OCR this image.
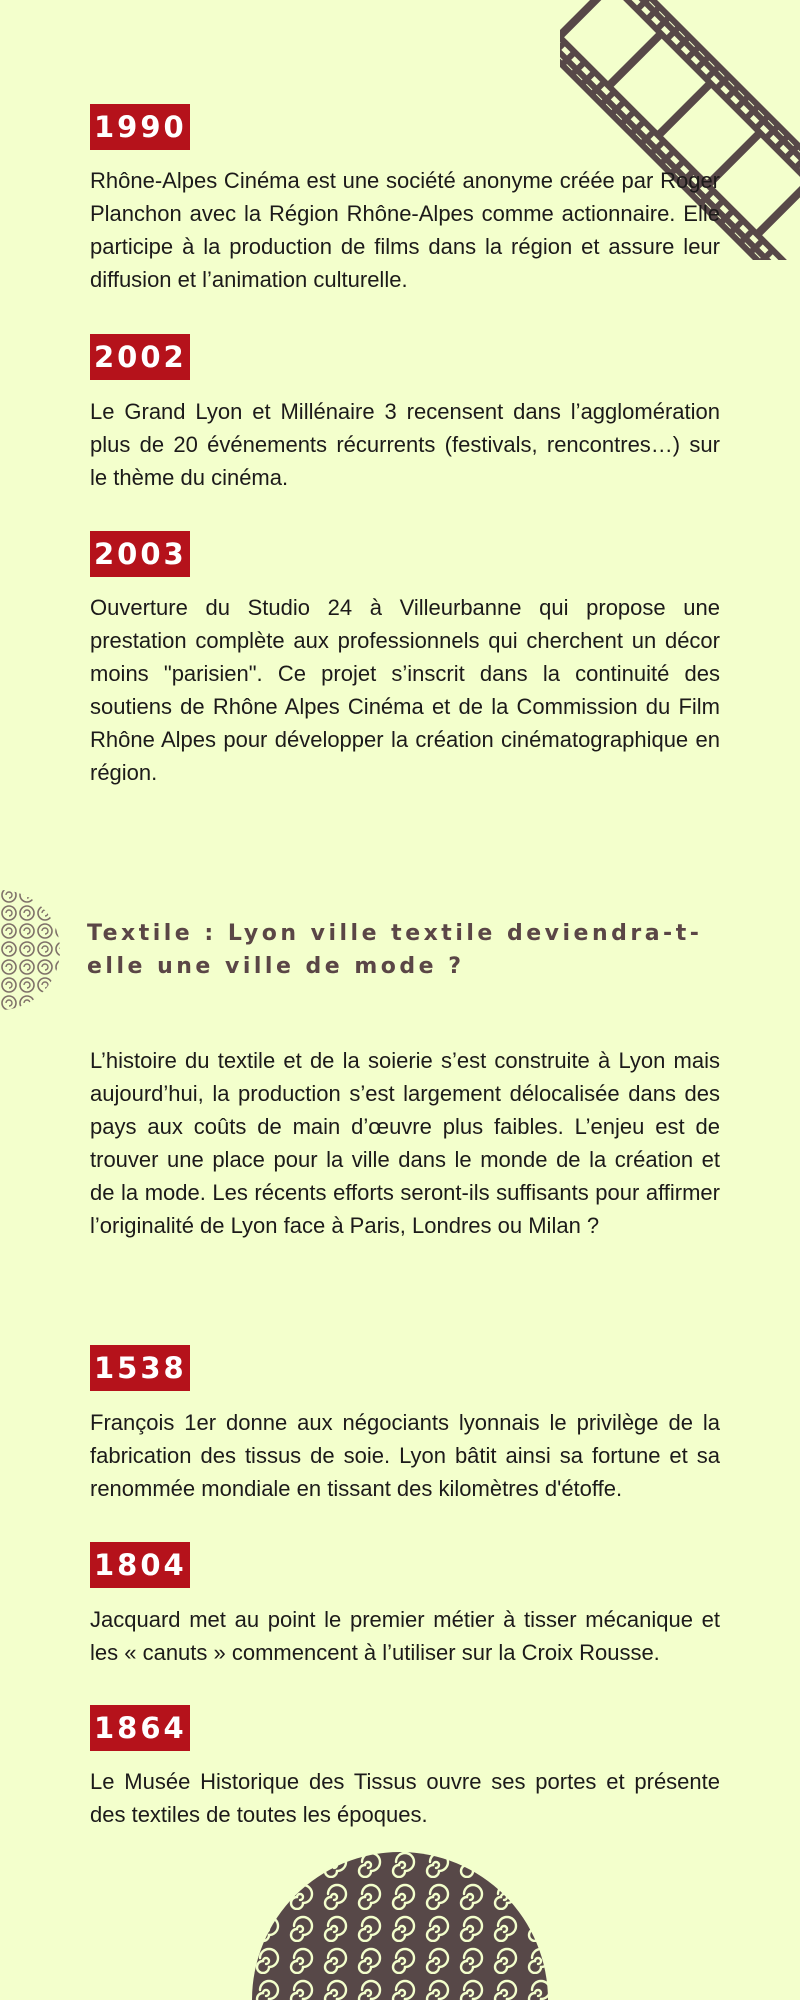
1990

Rhône-Alpes Cinéma est une société anonyme créée par Roger Planchon avec la Région Rhône-Alpes comme actionnaire. Elle participe à la production de films dans la région et assure leur diffusion et l’animation culturelle.

2002

Le Grand Lyon et Millénaire 3 recensent dans l’agglomération plus de 20 événements récurrents (festivals, rencontres…) sur le thème du cinéma.

2003

Ouverture du Studio 24 à Villeurbanne qui propose une prestation complète aux professionnels qui cherchent un décor moins "parisien". Ce projet s’inscrit dans la continuité des soutiens de Rhône Alpes Cinéma et de la Commission du Film Rhône Alpes pour développer la création cinématographique en région.

Textile : Lyon ville textile deviendra-t- elle une ville de mode ?

L’histoire du textile et de la soierie s’est construite à Lyon mais aujourd’hui, la production s’est largement délocalisée dans des pays aux coûts de main d’œuvre plus faibles. L’enjeu est de trouver une place pour la ville dans le monde de la création et de la mode. Les récents efforts seront-ils suffisants pour affirmer l’originalité de Lyon face à Paris, Londres ou Milan ?

1538

François 1er donne aux négociants lyonnais le privilège de la fabrication des tissus de soie. Lyon bâtit ainsi sa fortune et sa renommée mondiale en tissant des kilomètres d'étoffe.

1804

Jacquard met au point le premier métier à tisser mécanique et les « canuts » commencent à l’utiliser sur la Croix Rousse.

1864

Le Musée Historique des Tissus ouvre ses portes et présente des textiles de toutes les époques.
